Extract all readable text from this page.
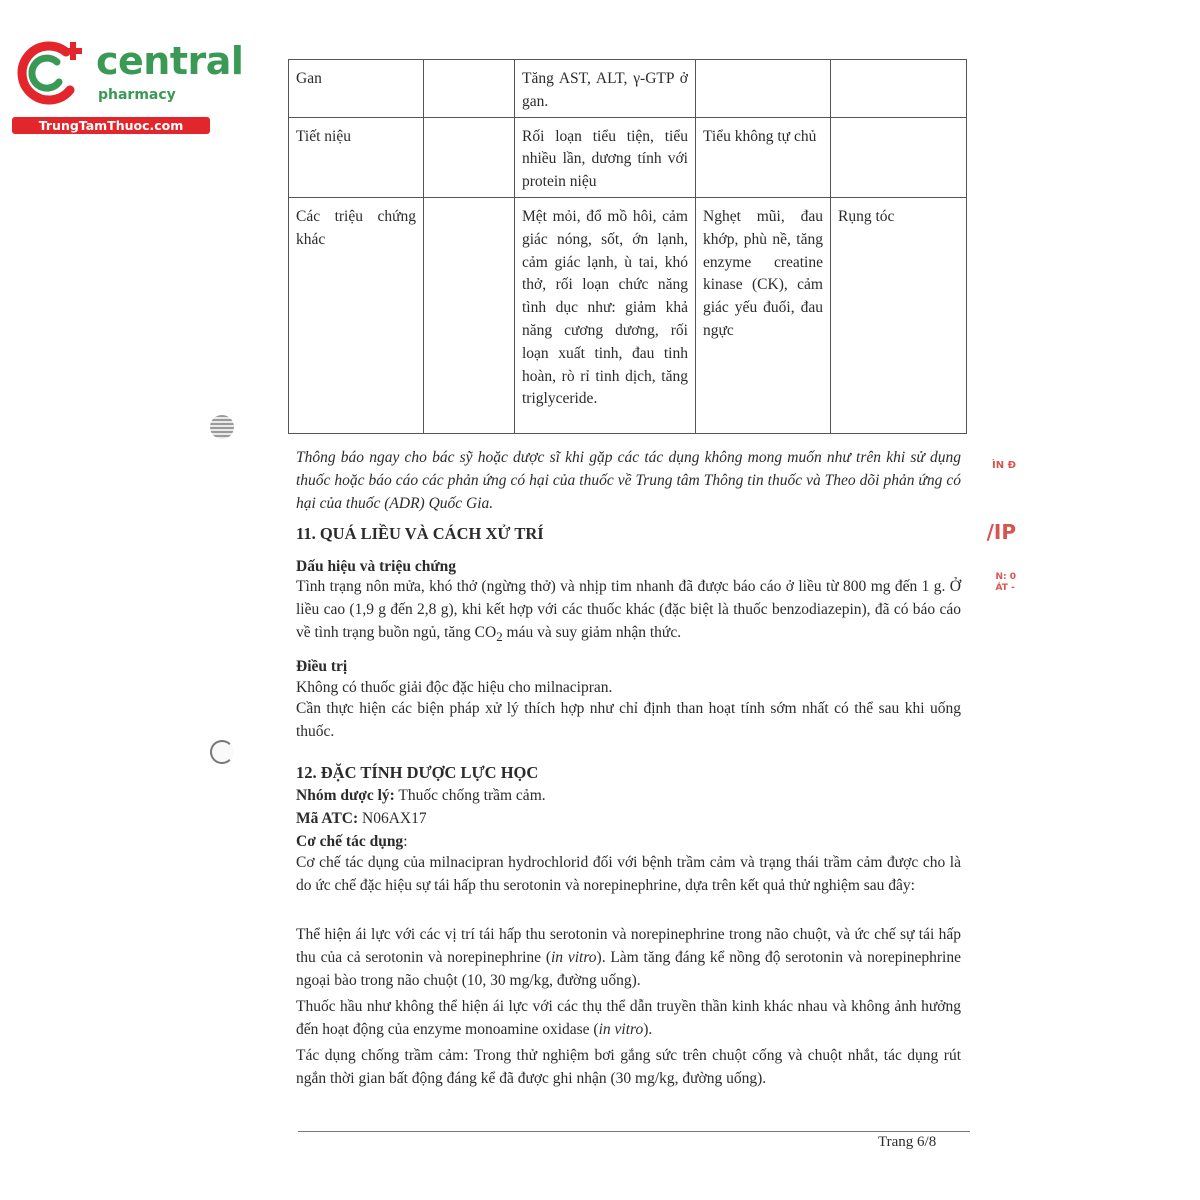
central
pharmacy
TrungTamThuoc.com
Gan		Tăng AST, ALT, γ-GTP ở gan.		
Tiết niệu		Rối loạn tiểu tiện, tiểu nhiều lần, dương tính với protein niệu	Tiểu không tự chủ	
Các triệu chứng khác		Mệt mỏi, đổ mồ hôi, cảm giác nóng, sốt, ớn lạnh, cảm giác lạnh, ù tai, khó thở, rối loạn chức năng tình dục như: giảm khả năng cương dương, rối loạn xuất tinh, đau tinh hoàn, rò rỉ tinh dịch, tăng triglyceride.	Nghẹt mũi, đau khớp, phù nề, tăng enzyme creatine kinase (CK), cảm giác yếu đuối, đau ngực	Rụng tóc
ÌN Đ
/IP
N: 0
ÁT -

Thông báo ngay cho bác sỹ hoặc dược sĩ khi gặp các tác dụng không mong muốn như trên khi sử dụng thuốc hoặc báo cáo các phản ứng có hại của thuốc về Trung tâm Thông tin thuốc và Theo dõi phản ứng có hại của thuốc (ADR) Quốc Gia.

11. QUÁ LIỀU VÀ CÁCH XỬ TRÍ

Dấu hiệu và triệu chứng

Tình trạng nôn mửa, khó thở (ngừng thở) và nhịp tim nhanh đã được báo cáo ở liều từ 800 mg đến 1 g. Ở liều cao (1,9 g đến 2,8 g), khi kết hợp với các thuốc khác (đặc biệt là thuốc benzodiazepin), đã có báo cáo về tình trạng buồn ngủ, tăng $CO_2$ máu và suy giảm nhận thức.

Điều trị

Không có thuốc giải độc đặc hiệu cho milnacipran.

Cần thực hiện các biện pháp xử lý thích hợp như chỉ định than hoạt tính sớm nhất có thể sau khi uống thuốc.

12. ĐẶC TÍNH DƯỢC LỰC HỌC

Nhóm dược lý: Thuốc chống trầm cảm.

Mã ATC: N06AX17

Cơ chế tác dụng:

Cơ chế tác dụng của milnacipran hydrochlorid đối với bệnh trầm cảm và trạng thái trầm cảm được cho là do ức chế đặc hiệu sự tái hấp thu serotonin và norepinephrine, dựa trên kết quả thử nghiệm sau đây:

Thể hiện ái lực với các vị trí tái hấp thu serotonin và norepinephrine trong não chuột, và ức chế sự tái hấp thu của cả serotonin và norepinephrine (in vitro). Làm tăng đáng kể nồng độ serotonin và norepinephrine ngoại bào trong não chuột (10, 30 mg/kg, đường uống).

Thuốc hầu như không thể hiện ái lực với các thụ thể dẫn truyền thần kinh khác nhau và không ảnh hưởng đến hoạt động của enzyme monoamine oxidase (in vitro).

Tác dụng chống trầm cảm: Trong thử nghiệm bơi gắng sức trên chuột cống và chuột nhắt, tác dụng rút ngắn thời gian bất động đáng kể đã được ghi nhận (30 mg/kg, đường uống).

Trang 6/8
